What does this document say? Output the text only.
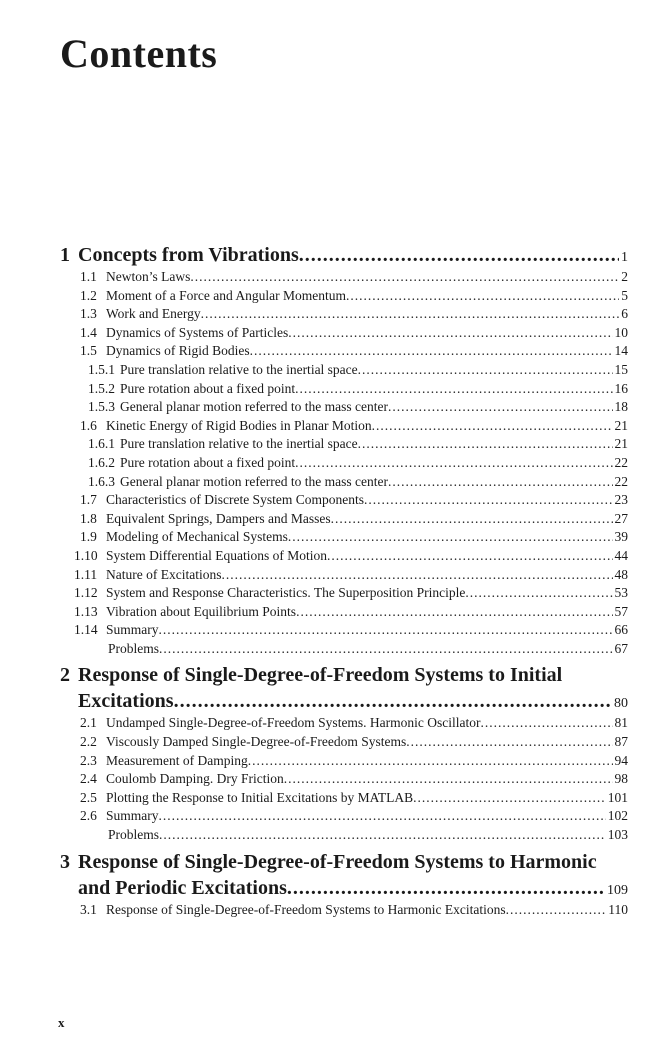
Contents
1 Concepts from Vibrations .....	1
1.1 Newton’s Laws .....	2
1.2 Moment of a Force and Angular Momentum .....	5
1.3 Work and Energy .....	6
1.4 Dynamics of Systems of Particles .....	10
1.5 Dynamics of Rigid Bodies .....	14
1.5.1 Pure translation relative to the inertial space .....	15
1.5.2 Pure rotation about a fixed point .....	16
1.5.3 General planar motion referred to the mass center .....	18
1.6 Kinetic Energy of Rigid Bodies in Planar Motion .....	21
1.6.1 Pure translation relative to the inertial space .....	21
1.6.2 Pure rotation about a fixed point .....	22
1.6.3 General planar motion referred to the mass center .....	22
1.7 Characteristics of Discrete System Components .....	23
1.8 Equivalent Springs, Dampers and Masses .....	27
1.9 Modeling of Mechanical Systems .....	39
1.10 System Differential Equations of Motion .....	44
1.11 Nature of Excitations .....	48
1.12 System and Response Characteristics. The Superposition Principle .....	53
1.13 Vibration about Equilibrium Points .....	57
1.14 Summary .....	66
Problems .....	67
2 Response of Single-Degree-of-Freedom Systems to Initial
Excitations .....	80
2.1 Undamped Single-Degree-of-Freedom Systems. Harmonic Oscillator .....	81
2.2 Viscously Damped Single-Degree-of-Freedom Systems .....	87
2.3 Measurement of Damping .....	94
2.4 Coulomb Damping. Dry Friction .....	98
2.5 Plotting the Response to Initial Excitations by MATLAB .....	101
2.6 Summary .....	102
Problems .....	103
3 Response of Single-Degree-of-Freedom Systems to Harmonic
and Periodic Excitations .....	109
3.1 Response of Single-Degree-of-Freedom Systems to Harmonic Excitations .....	110
x
